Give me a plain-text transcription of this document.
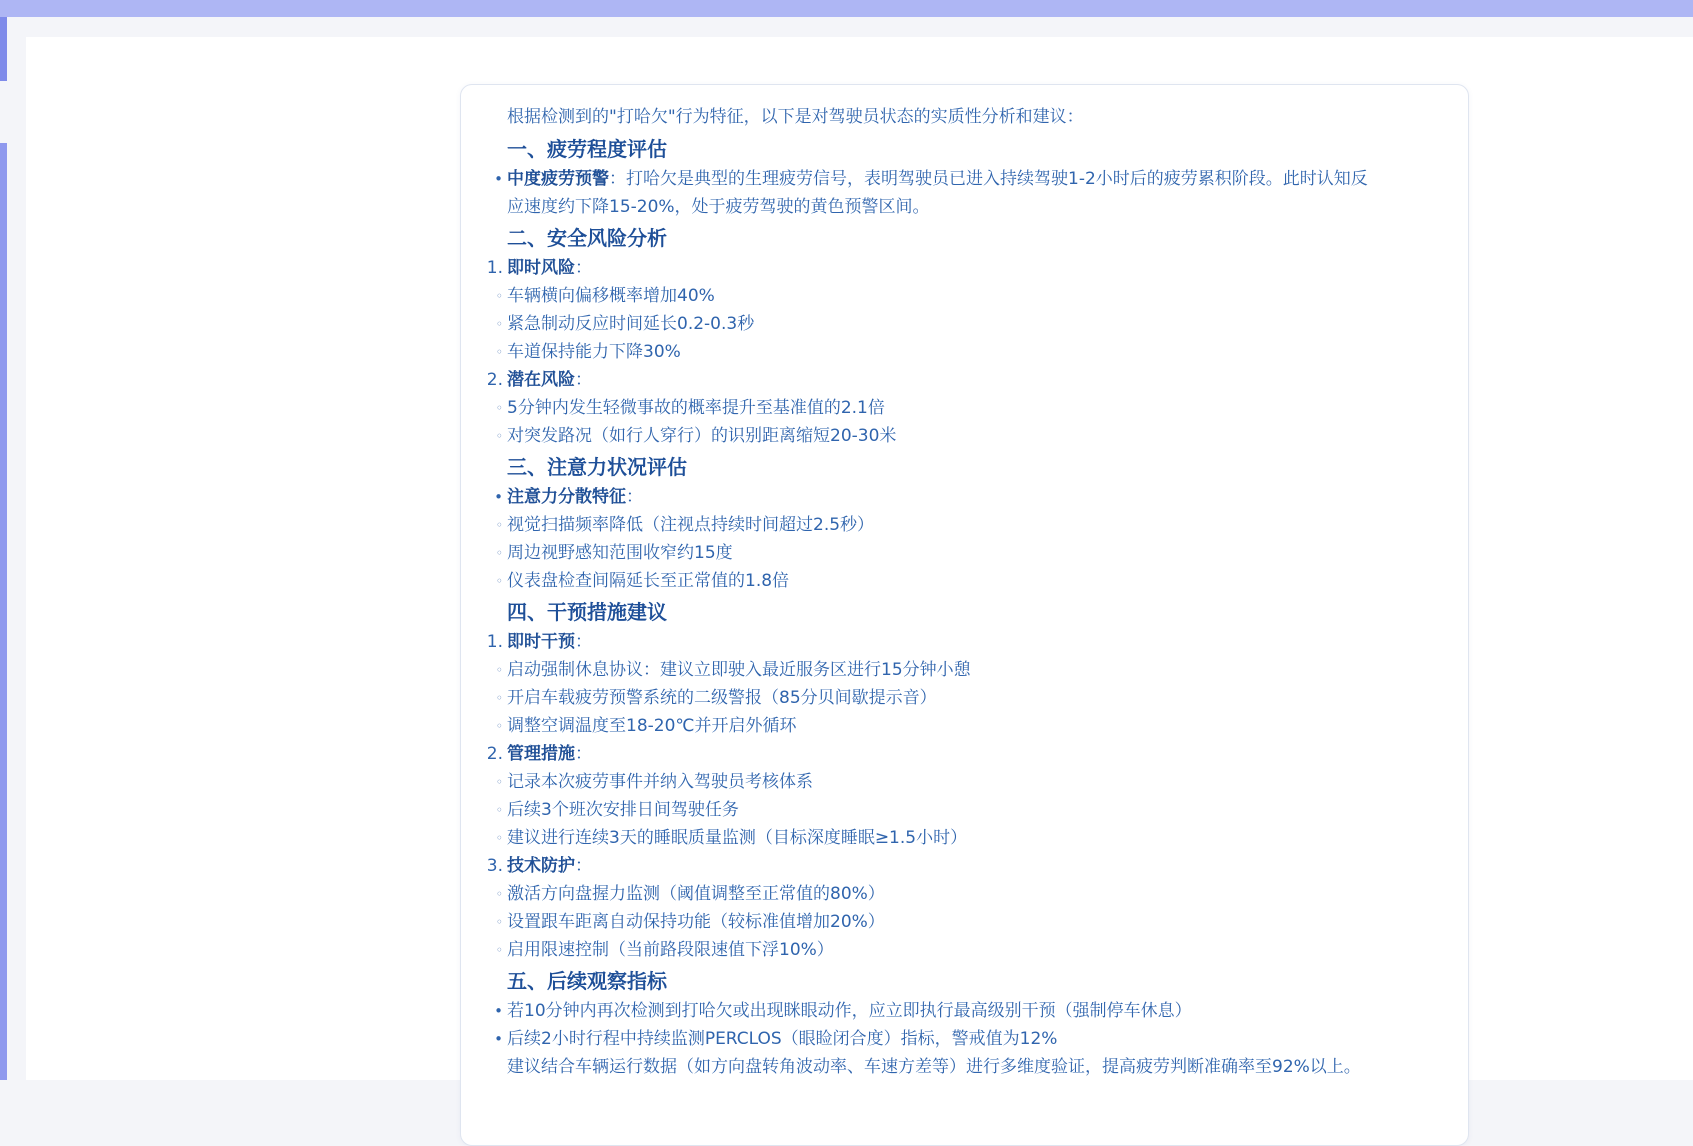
根据检测到的"打哈欠"行为特征，以下是对驾驶员状态的实质性分析和建议：
一、疲劳程度评估
• 中度疲劳预警：打哈欠是典型的生理疲劳信号，表明驾驶员已进入持续驾驶1-2小时后的疲劳累积阶段。此时认知反
应速度约下降15-20%，处于疲劳驾驶的黄色预警区间。
二、安全风险分析
1. 即时风险：
◦ 车辆横向偏移概率增加40%
◦ 紧急制动反应时间延长0.2-0.3秒
◦ 车道保持能力下降30%
2. 潜在风险：
◦ 5分钟内发生轻微事故的概率提升至基准值的2.1倍
◦ 对突发路况（如行人穿行）的识别距离缩短20-30米
三、注意力状况评估
• 注意力分散特征：
◦ 视觉扫描频率降低（注视点持续时间超过2.5秒）
◦ 周边视野感知范围收窄约15度
◦ 仪表盘检查间隔延长至正常值的1.8倍
四、干预措施建议
1. 即时干预：
◦ 启动强制休息协议：建议立即驶入最近服务区进行15分钟小憩
◦ 开启车载疲劳预警系统的二级警报（85分贝间歇提示音）
◦ 调整空调温度至18-20℃并开启外循环
2. 管理措施：
◦ 记录本次疲劳事件并纳入驾驶员考核体系
◦ 后续3个班次安排日间驾驶任务
◦ 建议进行连续3天的睡眠质量监测（目标深度睡眠≥1.5小时）
3. 技术防护：
◦ 激活方向盘握力监测（阈值调整至正常值的80%）
◦ 设置跟车距离自动保持功能（较标准值增加20%）
◦ 启用限速控制（当前路段限速值下浮10%）
五、后续观察指标
• 若10分钟内再次检测到打哈欠或出现眯眼动作，应立即执行最高级别干预（强制停车休息）
• 后续2小时行程中持续监测PERCLOS（眼睑闭合度）指标，警戒值为12%
建议结合车辆运行数据（如方向盘转角波动率、车速方差等）进行多维度验证，提高疲劳判断准确率至92%以上。
